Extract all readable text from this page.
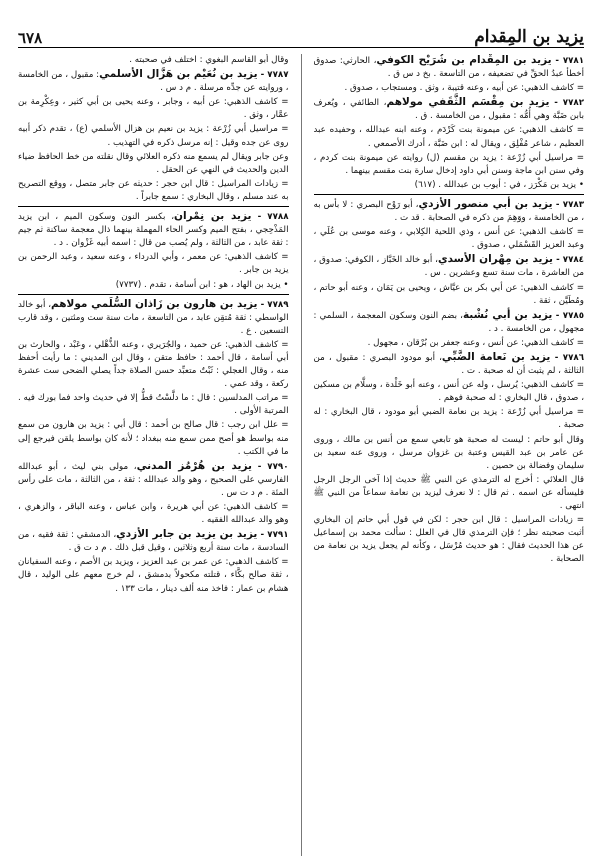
يزيد بن المِقدام
٦٧٨
٧٧٨١ - يزيد بن المِقْدام بن شُرَيْح الكوفي، الحارثي: صدوق أخطأ عبدُ الحقِّ في تضعيفه ، من التاسعة . بخ د س ق .
= كاشف الذهبي: عن أبيه ، وعنه قتيبة ، وثق . ومستجاب ، صدوق .
٧٧٨٢ - يزيد بن مِقْسَم الثَّقَفي مولاهم، الطائفي ، ويُعرف بابن ضَبَّة وهي أُمُّه : مقبول ، من الخامسة . ق .
= كاشف الذهبي: عن ميمونة بنت كَرْدَم ، وعنه ابنه عبدالله ، وحفيده عبد العظيم ، شاعر مُفْلِق ، ويقال له : ابن ضَبَّة ، أدرك الأصمعي .
= مراسيل أبي زُرْعة : يزيد بن مقسم (ل) روايته عن ميمونة بنت كردم ، وفي سنن ابن ماجة وسنن أبي داود إدخال سارة بنت مقسم بينهما .
• يزيد بن مَكْرَز ، في : أيوب بن عبدالله . (٦١٧)
٧٧٨٣ - يزيد بن أبي منصور الأزدي، أبو رَوْح البصري : لا بأس به ، من الخامسة ، ووَهِمَ من ذكره في الصحابة . قد ت .
= كاشف الذهبي: عن أنس ، وذي اللحية الكِلابي ، وعنه موسى بن عُلَي ، وعبد العزيز القَسْمَلي ، صدوق .
٧٧٨٤ - يزيد بن مِهْران الأسدي، أبو خالد الخَبَّاز ، الكوفي: صدوق ، من العاشرة ، مات سنة تسع وعشرين . س .
= كاشف الذهبي: عن أبي بكر بن عيَّاش ، ويحيى بن يَمَان ، وعنه أبو حاتم ، ومُطَيَّن ، ثقة .
٧٧٨٥ - يزيد بن أبي نُشْبة، بضم النون وسكون المعجمة ، السلمي : مجهول ، من الخامسة . د .
= كاشف الذهبي: عن أنس ، وعنه جعفر بن بُرْقان ، مجهول .
٧٧٨٦ - يزيد بن نَعامة الضَّبِّي، أبو مودود البصري : مقبول ، من الثالثة ، لم يثبت أن له صحبة . ت .
= كاشف الذهبي: يُرسل ، وله عن أنس ، وعنه أبو خَلْدة ، وسلَّام بن مسكين ، صدوق ، قال البخاري : له صحبة فوهم .
= مراسيل أبي زُرْعة : يزيد بن نعامة الضبي أبو مودود ، قال البخاري : له صحبة .
وقال أبو حاتم : ليست له صحبة هو تابعي سمع من أنس بن مالك ، وروى عن عامر بن عبد القيس وعتبة بن غزوان مرسل ، وروى عنه سعيد بن سليمان وفضالة بن حصين .
قال العلائي : أخرج له الترمذي عن النبي ﷺ حديث إذا آخى الرجل الرجل فليسأله عن اسمه . ثم قال : لا نعرف ليزيد بن نعامة سماعاً من النبي ﷺ انتهى .
= زيادات المراسيل : قال ابن حجر : لكن في قول أبي حاتم إن البخاري أثبت صحبته نظر ؛ فإن الترمذي قال في العلل : سألت محمد بن إسماعيل عن هذا الحديث فقال : هو حديث مُرْسَل ، وكأنه لم يجعل يزيد بن نعامة من الصحابة .
وقال أبو القاسم البغوي : اختلف في صحبته .
٧٧٨٧ - يزيد بن نُعَيْم بن هَزَّال الأسلمي: مقبول ، من الخامسة ، وروايته عن جدِّه مرسلة . م د س .
= كاشف الذهبي: عن أبيه ، وجابر ، وعنه يحيى بن أبي كثير ، وعِكْرِمة بن عمَّار ، وثق .
= مراسيل أبي زُرْعة : يزيد بن نعيم بن هزال الأسلمي (ع) ، تقدم ذكر أبيه روى عن جده وقيل : إنه مرسل ذكره في التهذيب .
وعن جابر ويقال لم يسمع منه ذكره العلائي وقال نقلته من خط الحافظ ضياء الدين والحديث في النهي عن الحقل .
= زيادات المراسيل : قال ابن حجر : حديثه عن جابر متصل ، ووقع التصريح به عند مسلم ، وقال البخاري : سمع جابراً .
٧٧٨٨ - يزيد بن نِمْران، بكسر النون وسكون الميم ، ابن يزيد المَذْحِجي ، بفتح الميم وكسر الحاء المهملة بينهما ذال معجمة ساكنة ثم جيم : ثقة عابد ، من الثالثة ، ولم يُصب من قال : اسمه أبيه غَزْوان . د .
= كاشف الذهبي: عن معمر ، وأبي الدرداء ، وعنه سعيد ، وعبد الرحمن بن يزيد بن جابر .
• يزيد بن الهاد ، هو : ابن أسامة ، تقدم . (٧٧٣٧)
٧٧٨٩ - يزيد بن هارون بن زَاذان السُّلَمي مولاهم، أبو خالد الواسطي : ثقة مُتقِن عابد ، من التاسعة ، مات سنة ست ومئتين ، وقد قارب التسعين . ع .
= كاشف الذهبي: عن حميد ، والجُرَيري ، وعنه الذُّهْلي ، وعَبْد ، والحارث بن أبي أسامة ، قال أحمد : حافظ متقن ، وقال ابن المديني : ما رأيت أحفظ منه ، وقال العجلي : ثَبْتٌ متعبِّد حسن الصلاة جداً يصلي الضحى ست عشرة ركعة ، وقد عمي .
= مراتب المدلسين : قال : ما دلَّسْتُ قطُّ إلا في حديث واحد فما بورك فيه . المرتبة الأولى .
= علل ابن رجب : قال صالح بن أحمد : قال أبي : يزيد بن هارون من سمع منه بواسط هو أصح ممن سمع منه ببغداد ؛ لأنه كان بواسط يلقن فيرجع إلى ما في الكتب .
٧٧٩٠ - يزيد بن هُرْمُز المدني، مولى بني ليث ، أبو عبدالله الفارسي على الصحيح ، وهو والد عبدالله : ثقة ، من الثالثة ، مات على رأس المئة . م د ت س .
= كاشف الذهبي: عن أبي هريرة ، وابن عباس ، وعنه الباقر ، والزهري ، وهو والد عبدالله الفقيه .
٧٧٩١ - يزيد بن يزيد بن جابر الأزدي، الدمشقي : ثقة فقيه ، من السادسة ، مات سنة أربع وثلاثين ، وقيل قبل ذلك . م د ت ق .
= كاشف الذهبي: عن عمر بن عبد العزيز ، ويزيد بن الأصم ، وعنه السفيانان ، ثقة صالح بكَّاء ، قتلته مكحولاً بدمشق ، لم خرج معهم على الوليد ، قال هشام بن عمار : فاخذ منه ألف دينار ، مات ١٣٣ .
